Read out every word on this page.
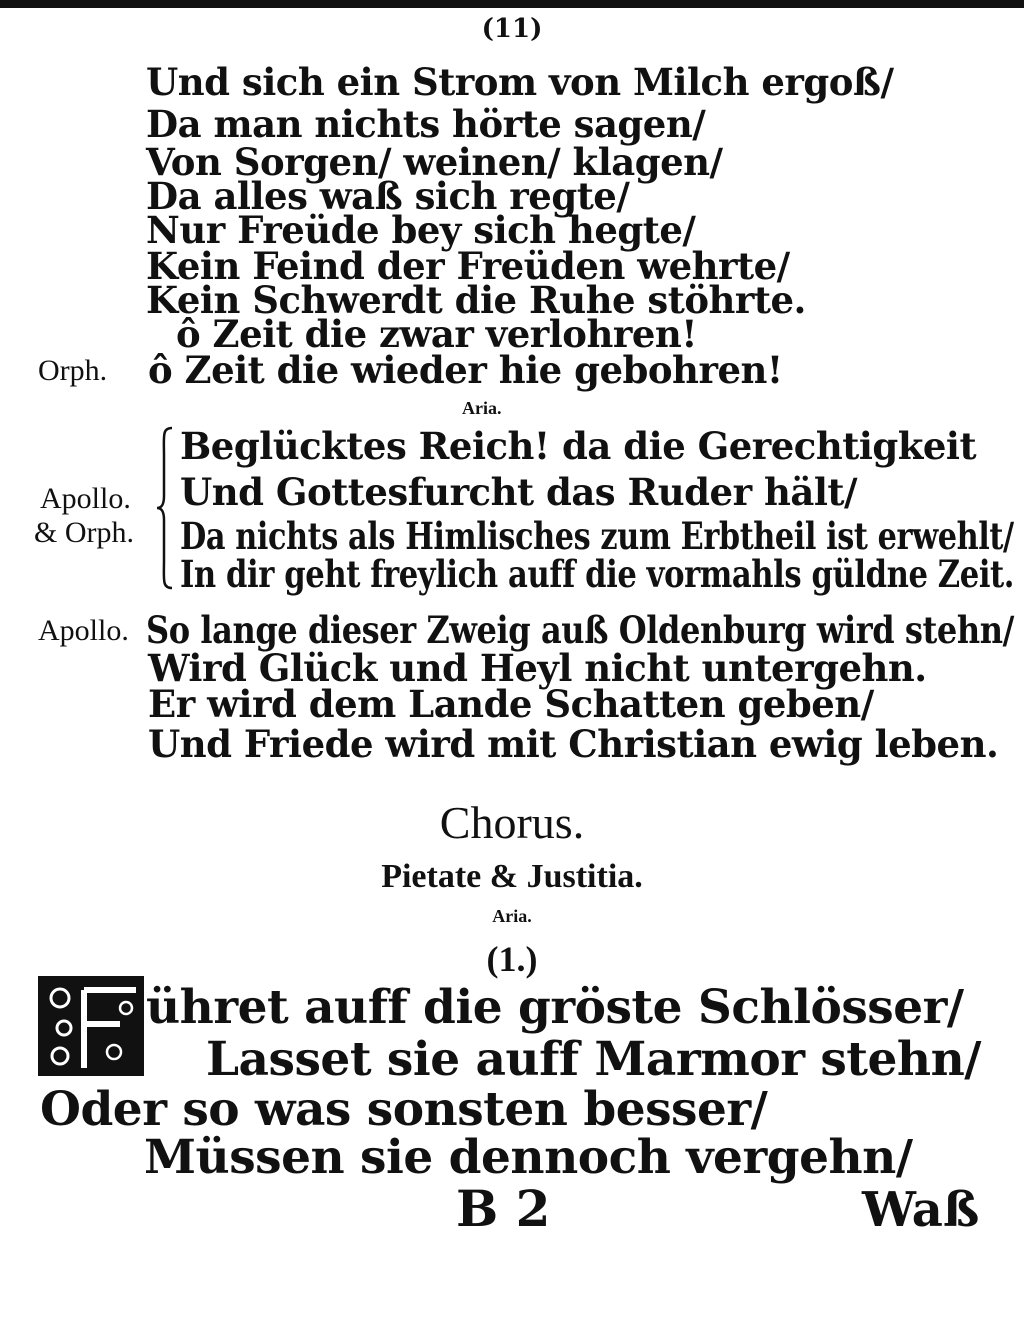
(11)
Und sich ein Strom von Milch ergoß/
Da man nichts hörte sagen/
Von Sorgen/ weinen/ klagen/
Da alles waß sich regte/
Nur Freüde bey sich hegte/
Kein Feind der Freüden wehrte/
Kein Schwerdt die Ruhe stöhrte.
ô Zeit die zwar verlohren!
Orph. ô Zeit die wieder hie gebohren!
Aria.
Apollo.
& Orph.
Beglücktes Reich! da die Gerechtigkeit
Und Gottesfurcht das Ruder hält/
Da nichts als Himlisches zum Erbtheil ist erwehlt/
In dir geht freylich auff die vormahls güldne Zeit.
Apollo. So lange dieser Zweig auß Oldenburg wird stehn/
Wird Glück und Heyl nicht untergehn.
Er wird dem Lande Schatten geben/
Und Friede wird mit Christian ewig leben.
Chorus.
Pietate & Justitia.
Aria.
(1.)
ühret auff die gröste Schlösser/
Lasset sie auff Marmor stehn/
Oder so was sonsten besser/
Müssen sie dennoch vergehn/
B 2	Waß
